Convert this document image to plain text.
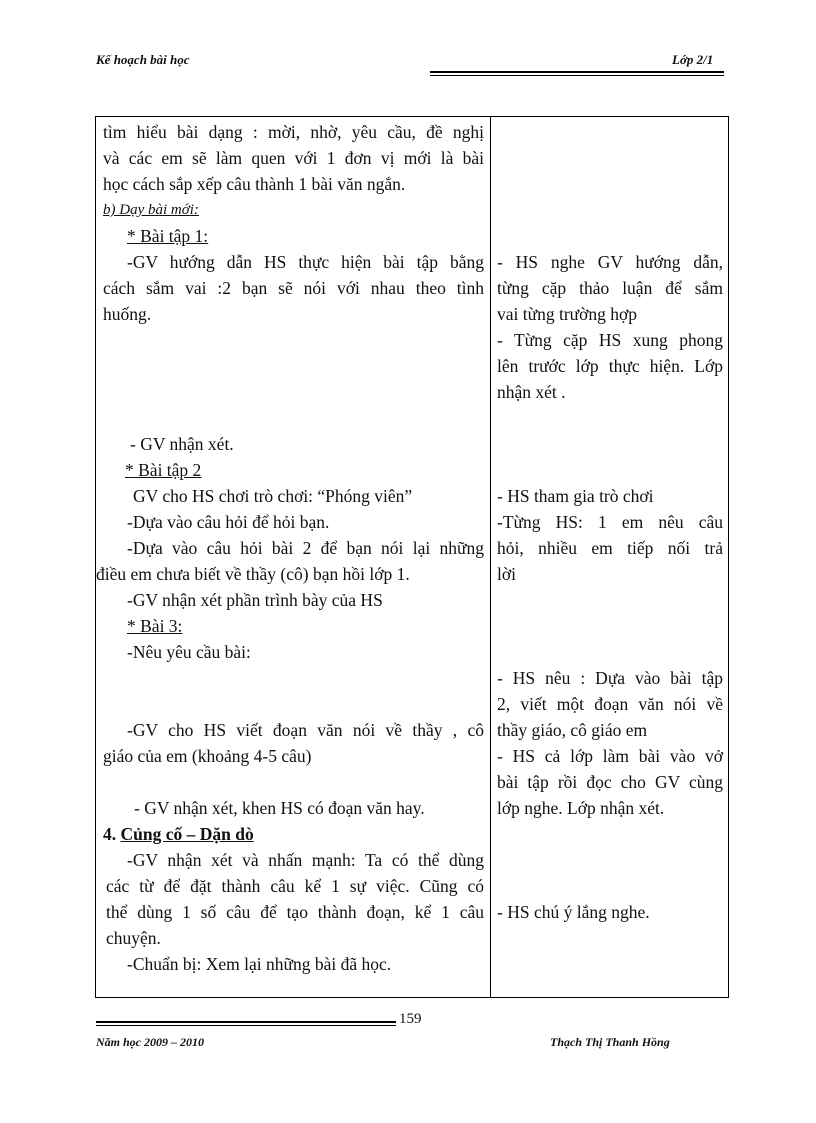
Kế hoạch bài học	Lớp 2/1
tìm hiểu bài dạng : mời, nhờ, yêu cầu, đề nghị
và các em sẽ làm quen với 1 đơn vị mới là bài
học cách sắp xếp câu thành 1 bài văn ngắn.
b) Dạy bài mới:
* Bài tập 1:
-GV hướng dẫn HS thực hiện bài tập bằng
cách sắm vai :2 bạn sẽ nói với nhau theo tình
huống.
- GV nhận xét.
* Bài tập 2
GV cho HS chơi trò chơi: “Phóng viên”
-Dựa vào câu hỏi để hỏi bạn.
-Dựa vào câu hỏi bài 2 để bạn nói lại những
điều em chưa biết về thầy (cô) bạn hồi lớp 1.
-GV nhận xét phần trình bày của HS
* Bài 3:
-Nêu yêu cầu bài:
-GV cho HS viết đoạn văn nói về thầy , cô
giáo của em (khoảng 4-5 câu)
- GV nhận xét, khen HS có đoạn văn hay.
4. Củng cố – Dặn dò
-GV nhận xét và nhấn mạnh: Ta có thể dùng
các từ để đặt thành câu kể 1 sự việc. Cũng có
thể dùng 1 số câu để tạo thành đoạn, kể 1 câu
chuyện.
-Chuẩn bị: Xem lại những bài đã học.
- HS nghe GV hướng dẫn,
từng cặp thảo luận để sắm
vai từng trường hợp
- Từng cặp HS xung phong
lên trước lớp thực hiện. Lớp
nhận xét .
- HS tham gia trò chơi
-Từng HS: 1 em nêu câu
hỏi, nhiều em tiếp nối trả
lời
- HS nêu : Dựa vào bài tập
2, viết một đoạn văn nói về
thầy giáo, cô giáo em
- HS cả lớp làm bài vào vở
bài tập rồi đọc cho GV cùng
lớp nghe. Lớp nhận xét.
- HS chú ý lắng nghe.
159
Năm học 2009 – 2010	Thạch Thị Thanh Hồng
